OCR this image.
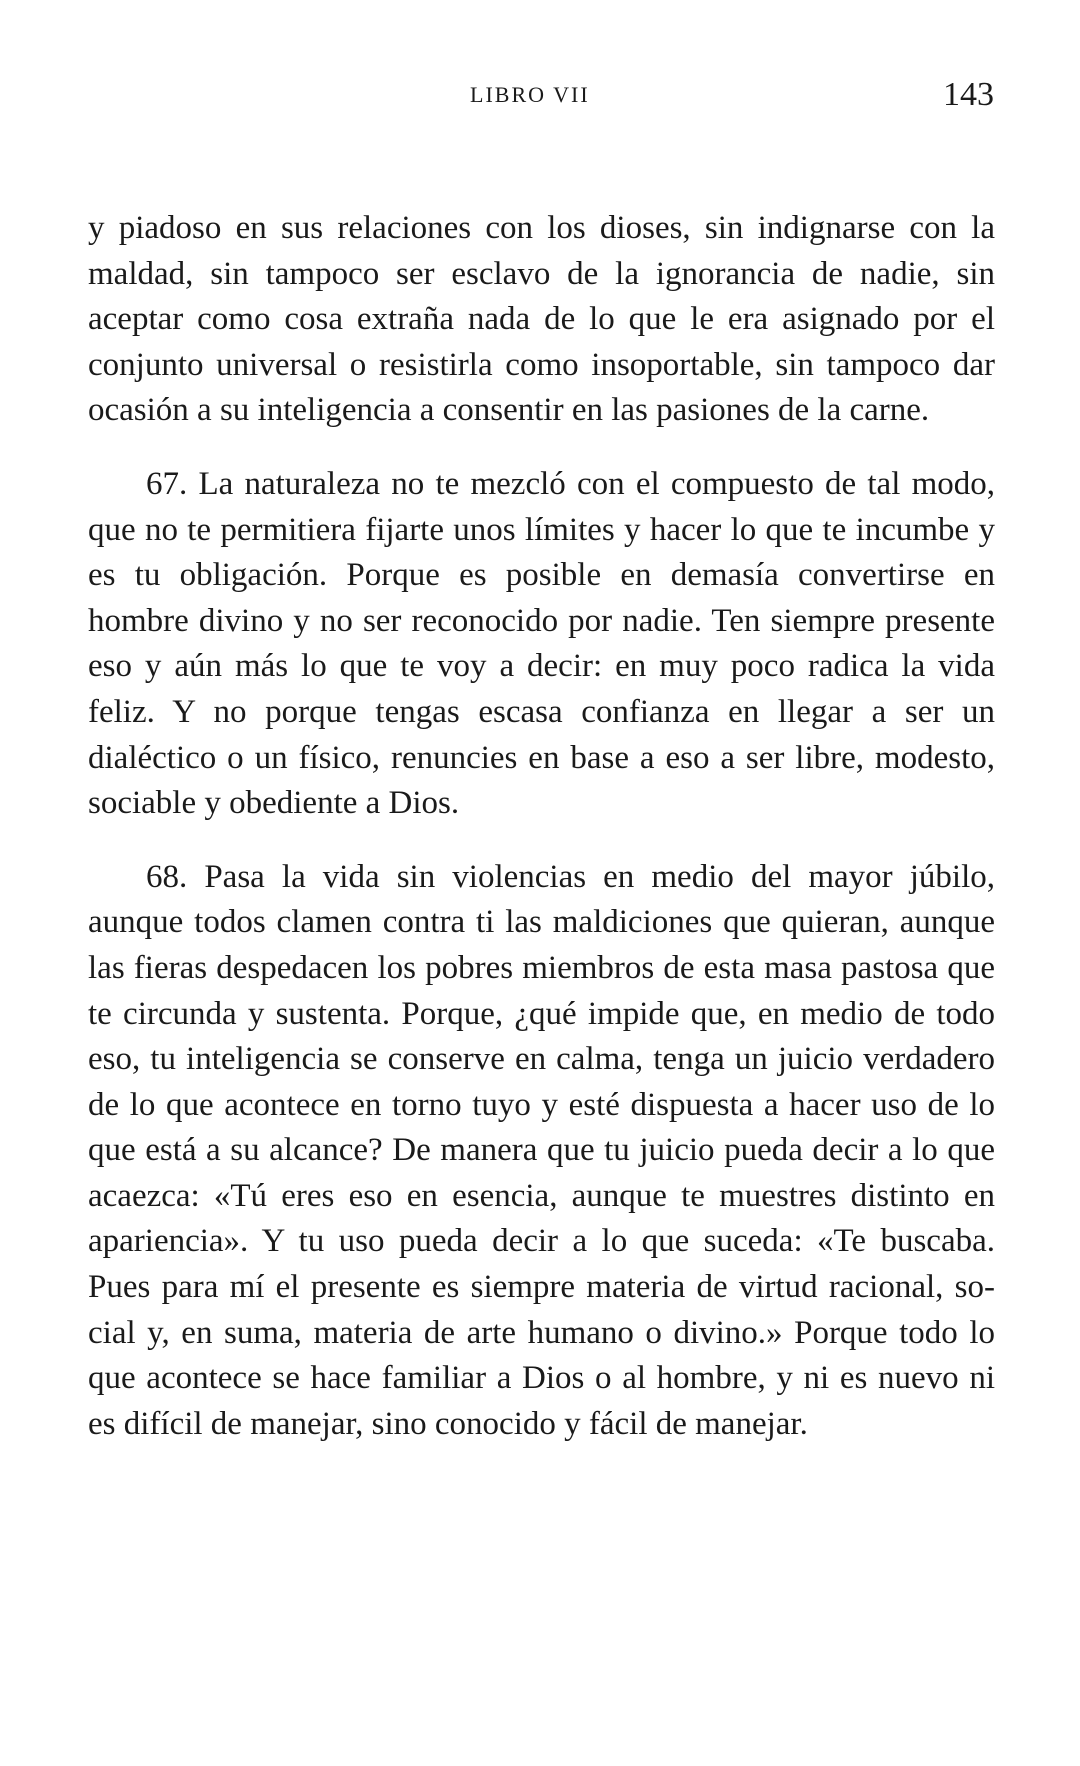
LIBRO VII	143

y piadoso en sus relaciones con los dioses, sin indignarse con la maldad, sin tampoco ser esclavo de la ignorancia de nadie, sin aceptar como cosa extraña nada de lo que le era asignado por el conjunto universal o resistirla como insoportable, sin tampoco dar ocasión a su inteligencia a consentir en las pasiones de la carne.

67. La naturaleza no te mezcló con el compuesto de tal modo, que no te permitiera fijarte unos límites y hacer lo que te incumbe y es tu obligación. Porque es posible en demasía convertirse en hombre divino y no ser reconocido por nadie. Ten siempre presente eso y aún más lo que te voy a decir: en muy poco radica la vida feliz. Y no porque tengas escasa confianza en llegar a ser un dialéctico o un físico, renuncies en base a eso a ser libre, modesto, sociable y obediente a Dios.

68. Pasa la vida sin violencias en medio del mayor júbilo, aunque todos clamen contra ti las maldiciones que quieran, aunque las fieras despedacen los pobres miembros de esta masa pastosa que te circunda y sustenta. Porque, ¿qué impide que, en medio de todo eso, tu inteligencia se conserve en calma, tenga un juicio verdadero de lo que acontece en torno tuyo y esté dispuesta a hacer uso de lo que está a su alcance? De manera que tu juicio pueda decir a lo que acaezca: «Tú eres eso en esencia, aunque te muestres distinto en apariencia». Y tu uso pueda decir a lo que suceda: «Te buscaba. Pues para mí el presente es siempre materia de virtud racional, social y, en suma, materia de arte humano o divino.» Porque todo lo que acontece se hace familiar a Dios o al hombre, y ni es nuevo ni es difícil de manejar, sino conocido y fácil de manejar.
